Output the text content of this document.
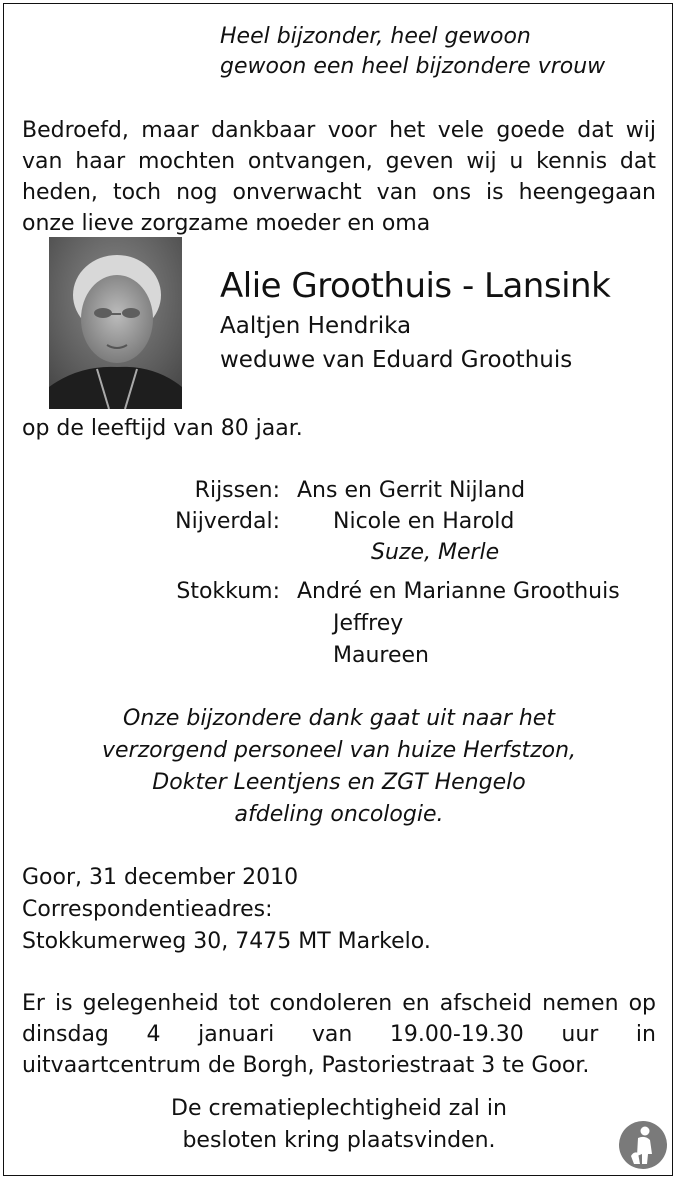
Heel bijzonder, heel gewoon
gewoon een heel bijzondere vrouw
Bedroefd, maar dankbaar voor het vele goede dat wij
van haar mochten ontvangen, geven wij u kennis dat
heden, toch nog onverwacht van ons is heengegaan
onze lieve zorgzame moeder en oma
Alie Groothuis - Lansink
Aaltjen Hendrika
weduwe van Eduard Groothuis
op de leeftijd van 80 jaar.
Rijssen: Ans en Gerrit Nijland
Nijverdal: Nicole en Harold
Suze, Merle
Stokkum: André en Marianne Groothuis
Jeffrey
Maureen
Onze bijzondere dank gaat uit naar het
verzorgend personeel van huize Herfstzon,
Dokter Leentjens en ZGT Hengelo
afdeling oncologie.
Goor, 31 december 2010
Correspondentieadres:
Stokkumerweg 30, 7475 MT Markelo.
Er is gelegenheid tot condoleren en afscheid nemen op
dinsdag 4 januari van 19.00-19.30 uur in
uitvaartcentrum de Borgh, Pastoriestraat 3 te Goor.
De crematieplechtigheid zal in
besloten kring plaatsvinden.
